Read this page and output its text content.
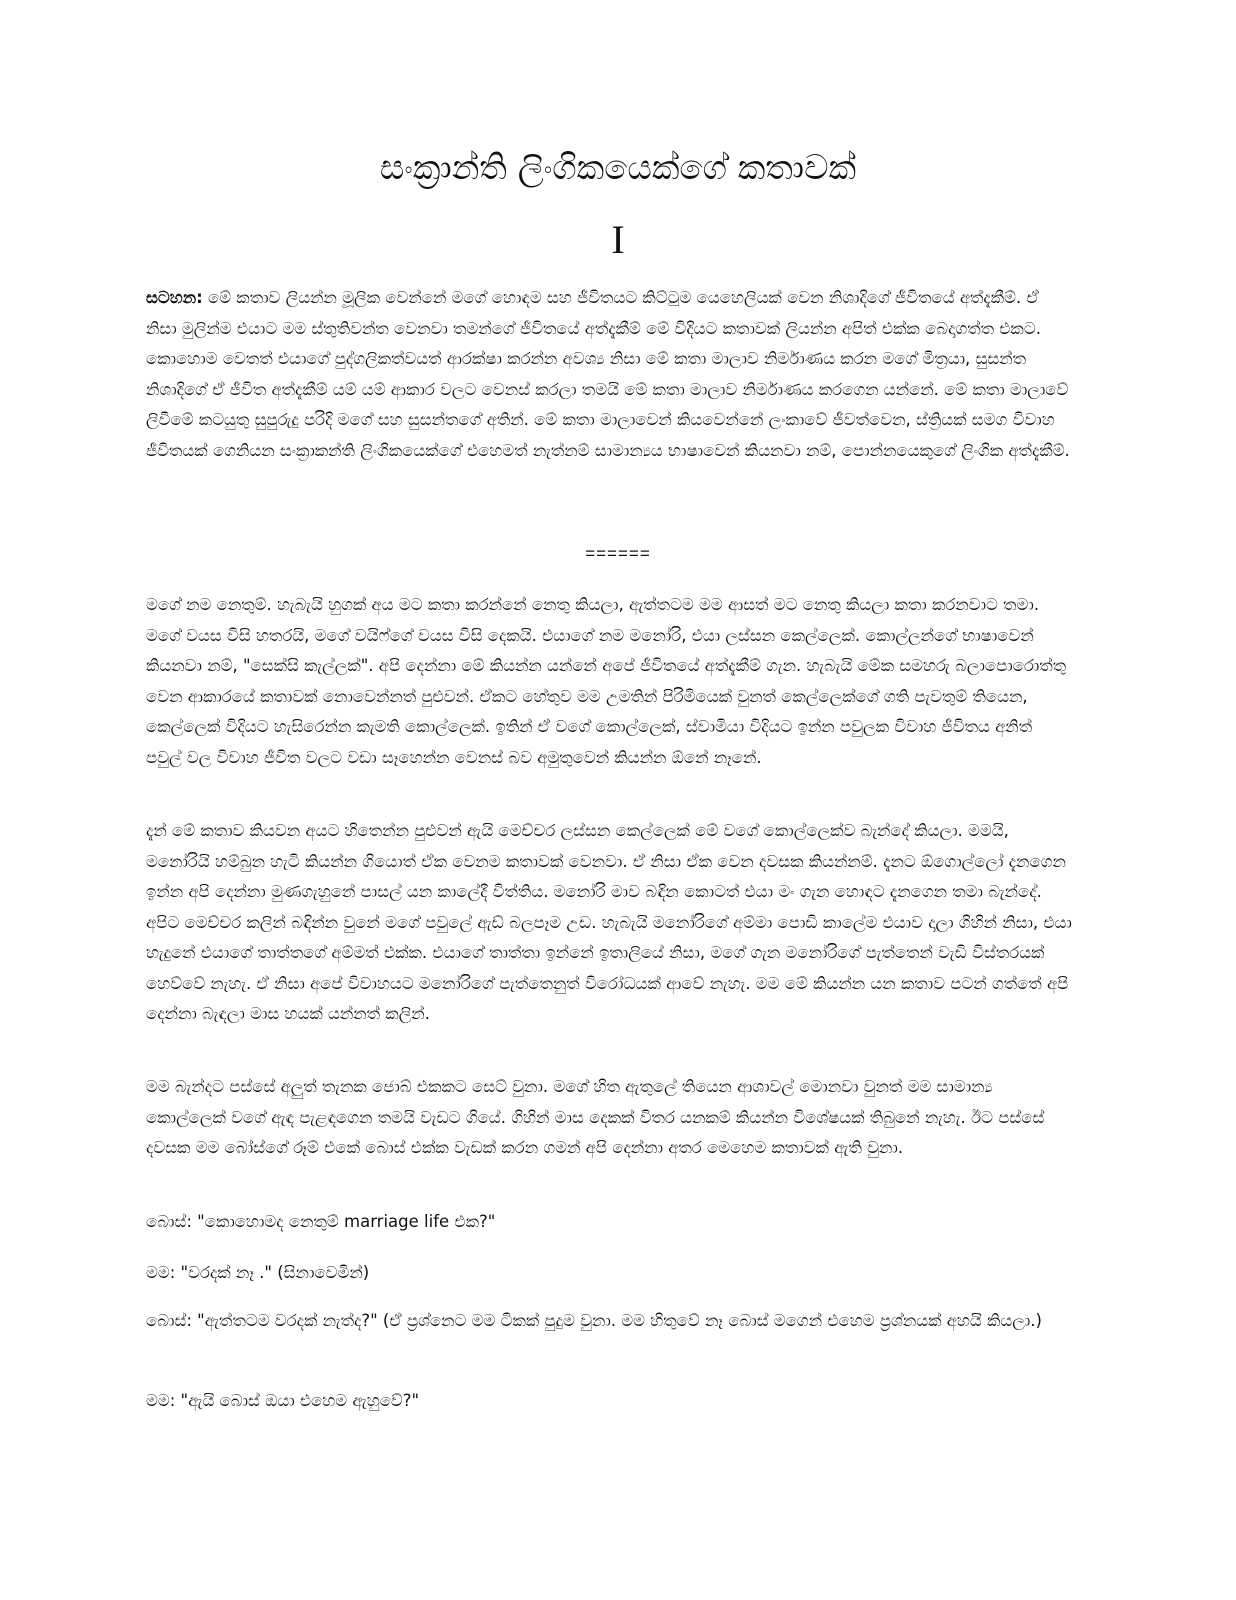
සංක්‍රාන්ති ලිංගිකයෙක්ගේ කතාවක්
I

සටහන: මේ කතාව ලියන්න මූලික වෙන්නේ මගේ හොඳම සහ ජීවිතයට කිට්ටුම යෙහෙලියක් වෙන නිශාදිගේ ජීවිතයේ අත්දැකීම්. ඒ නිසා මුලින්ම එයාට මම ස්තුතිවන්ත වෙනවා තමන්ගේ ජීවිතයේ අත්දැකීම් මේ විදියට කතාවක් ලියන්න අපිත් එක්ක බෙදාගත්ත එකට. කොහොම වෙතත් එයාගේ පුද්ගලිකත්වයත් ආරක්ෂා කරන්න අවශ්‍ය නිසා මේ කතා මාලාව නිර්මාණය කරන මගේ මිත්‍රයා, සුසන්ත නිශාදිගේ ඒ ජීවිත අත්දැකීම් යම් යම් ආකාර වලට වෙනස් කරලා තමයි මේ කතා මාලාව නිර්මාණය කරගෙන යන්නේ. මේ කතා මාලාවේ ලිවීමේ කටයුතු සුපුරුදු පරිදි මගේ සහ සුසන්තගේ අතින්. මේ කතා මාලාවෙන් කියවෙන්නේ ලංකාවේ ජීවත්වෙන, ස්ත්‍රියක් සමග විවාහ ජීවිතයක් ගෙනියන සංක්‍රාකන්ති ලිංගිකයෙක්ගේ එහෙමත් නැත්නම් සාමාන්‍යය භාෂාවෙන් කියනවා නම්, පොන්නයෙකුගේ ලිංගික අත්දැකීම්.

======

මගේ නම නෙතුම්. හැබැයි හුගක් අය මට කතා කරන්නේ නෙතු කියලා, ඇත්තටම මම ආසත් මට නෙතු කියලා කතා කරනවාට තමා. මගේ වයස විසි හතරයි, මගේ වයිෆ්ගේ වයස විසි දෙකයි. එයාගේ නම මනෝරි, එයා ලස්සන කෙල්ලෙක්. කොල්ලන්ගේ භාෂාවෙන් කියනවා නම්, "සෙක්සි කැල්ලක්". අපි දෙන්නා මේ කියන්න යන්නේ අපේ ජීවිතයේ අත්දැකීම් ගැන. හැබැයි මේක සමහරු බලාපොරොත්තු වෙන ආකාරයේ කතාවක් නොවෙන්නත් පුළුවන්. ඒකට හේතුව මම උමතින් පිරිමියෙක් වුනත් කෙල්ලෙක්ගේ ගති පැවතුම් තියෙන, කෙල්ලෙක් විදියට හැසිරෙන්න කැමති කොල්ලෙක්. ඉතින් ඒ වගේ කොල්ලෙක්, ස්වාමියා විදියට ඉන්න පවුලක විවාහ ජීවිතය අනිත් පවුල් වල විවාහ ජීවිත වලට වඩා සෑහෙන්න වෙනස් බව අමුතුවෙන් කියන්න ඕනේ නෑනේ.

දැන් මේ කතාව කියවන අයට හිතෙන්න පුළුවන් ඇයි මෙච්චර ලස්සන කෙල්ලෙක් මේ වගේ කොල්ලෙක්ව බැන්දේ කියලා. මමයි, මනෝරියි හම්බුන හැටි කියන්න ගියොත් ඒක වෙනම කතාවක් වෙනවා. ඒ නිසා ඒක වෙන දවසක කියන්නම්. දැනට ඕගොල්ලෝ දැනගෙන ඉන්න අපි දෙන්නා මුණගැහුනේ පාසල් යන කාලේදී විත්තිය. මනෝරි මාව බඳින කොටත් එයා මං ගැන හොඳට දැනගෙන තමා බැන්දේ. අපිට මෙච්චර කලින් බඳින්න වුනේ මගේ පවුලේ ඇඩ් බලපෑම උඩ. හැබැයි මනෝරිගේ අම්මා පොඩි කාලේම එයාව දාලා ගිහින් නිසා, එයා හැදුනේ එයාගේ තාත්තගේ අම්මත් එක්ක. එයාගේ තාත්තා ඉන්නේ ඉතාලියේ නිසා, මගේ ගැන මනෝරිගේ පැත්තෙන් වැඩි විස්තරයක් හෙව්වේ නැහැ. ඒ නිසා අපේ විවාහයට මනෝරිගේ පැත්තෙනුත් විරෝධයක් ආවේ නැහැ. මම මේ කියන්න යන කතාව පටන් ගත්තේ අපි දෙන්නා බැඳලා මාස හයක් යන්නත් කලින්.

මම බැන්දට පස්සේ අලුත් තැනක ජොබ් එකකට සෙට් වුනා. මගේ හිත ඇතුලේ තියෙන ආශාවල් මොනවා වුනත් මම සාමාන්‍ය කොල්ලෙක් වගේ ඇඳ පැළඳගෙන තමයි වැඩට ගියේ. ගිහින් මාස දෙකක් විතර යනකම් කියන්න විශේෂයක් තිබුනේ නැහැ. ඊට පස්සේ දවසක මම බෝස්ගේ රූම් එකේ බොස් එක්ක වැඩක් කරන ගමන් අපි දෙන්නා අතර මෙහෙම කතාවක් ඇති වුනා.

බොස්: "කොහොමද නෙතුම් marriage life එක?"

මම: "වරදක් නෑ ." (සිනාවෙමින්)

බොස්: "ඇත්තටම වරදක් නැත්ද?" (ඒ ප්‍රශ්නෙට මම ටිකක් පුදුම වුනා. මම හිතුවේ නෑ බොස් මගෙන් එහෙම ප්‍රශ්නයක් අහයි කියලා.)

මම: "ඇයි බොස් ඔයා එහෙම ඇහුවේ?"
